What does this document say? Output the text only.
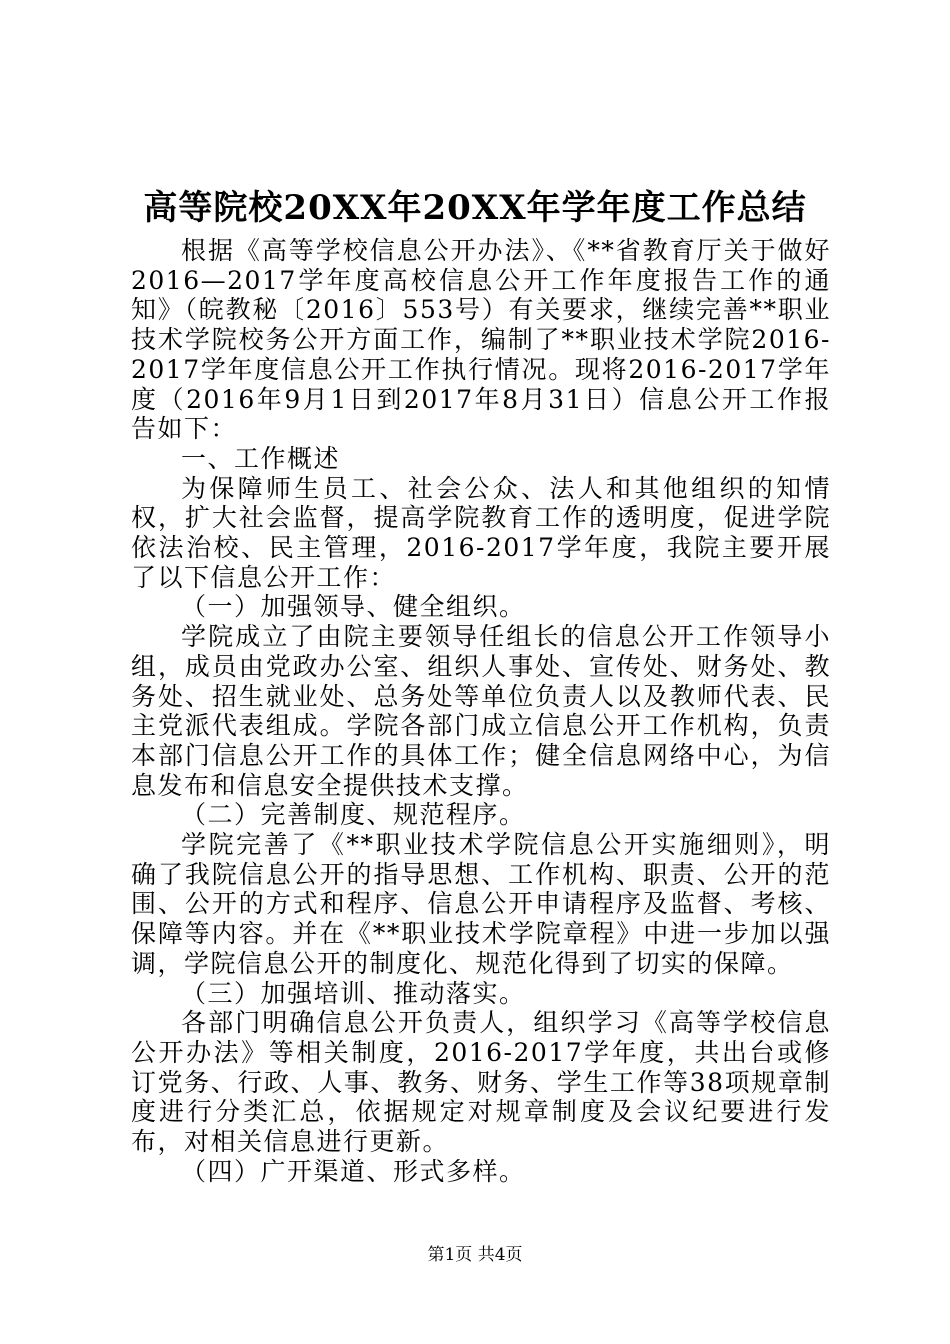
高等院校20XX年20XX年学年度工作总结

根据《高等学校信息公开办法》、《**省教育厅关于做好2016—2017学年度高校信息公开工作年度报告工作的通知》（皖教秘〔2016〕553号）有关要求，继续完善**职业技术学院校务公开方面工作，编制了**职业技术学院2016-2017学年度信息公开工作执行情况。现将2016-2017学年度（2016年9月1日到2017年8月31日）信息公开工作报告如下：

一、工作概述

为保障师生员工、社会公众、法人和其他组织的知情权，扩大社会监督，提高学院教育工作的透明度，促进学院依法治校、民主管理，2016-2017学年度，我院主要开展了以下信息公开工作：

（一）加强领导、健全组织。

学院成立了由院主要领导任组长的信息公开工作领导小组，成员由党政办公室、组织人事处、宣传处、财务处、教务处、招生就业处、总务处等单位负责人以及教师代表、民主党派代表组成。学院各部门成立信息公开工作机构，负责本部门信息公开工作的具体工作；健全信息网络中心，为信息发布和信息安全提供技术支撑。

（二）完善制度、规范程序。

学院完善了《**职业技术学院信息公开实施细则》，明确了我院信息公开的指导思想、工作机构、职责、公开的范围、公开的方式和程序、信息公开申请程序及监督、考核、保障等内容。并在《**职业技术学院章程》中进一步加以强调，学院信息公开的制度化、规范化得到了切实的保障。

（三）加强培训、推动落实。

各部门明确信息公开负责人，组织学习《高等学校信息公开办法》等相关制度，2016-2017学年度，共出台或修订党务、行政、人事、教务、财务、学生工作等38项规章制度进行分类汇总，依据规定对规章制度及会议纪要进行发布，对相关信息进行更新。

（四）广开渠道、形式多样。

第1页 共4页
